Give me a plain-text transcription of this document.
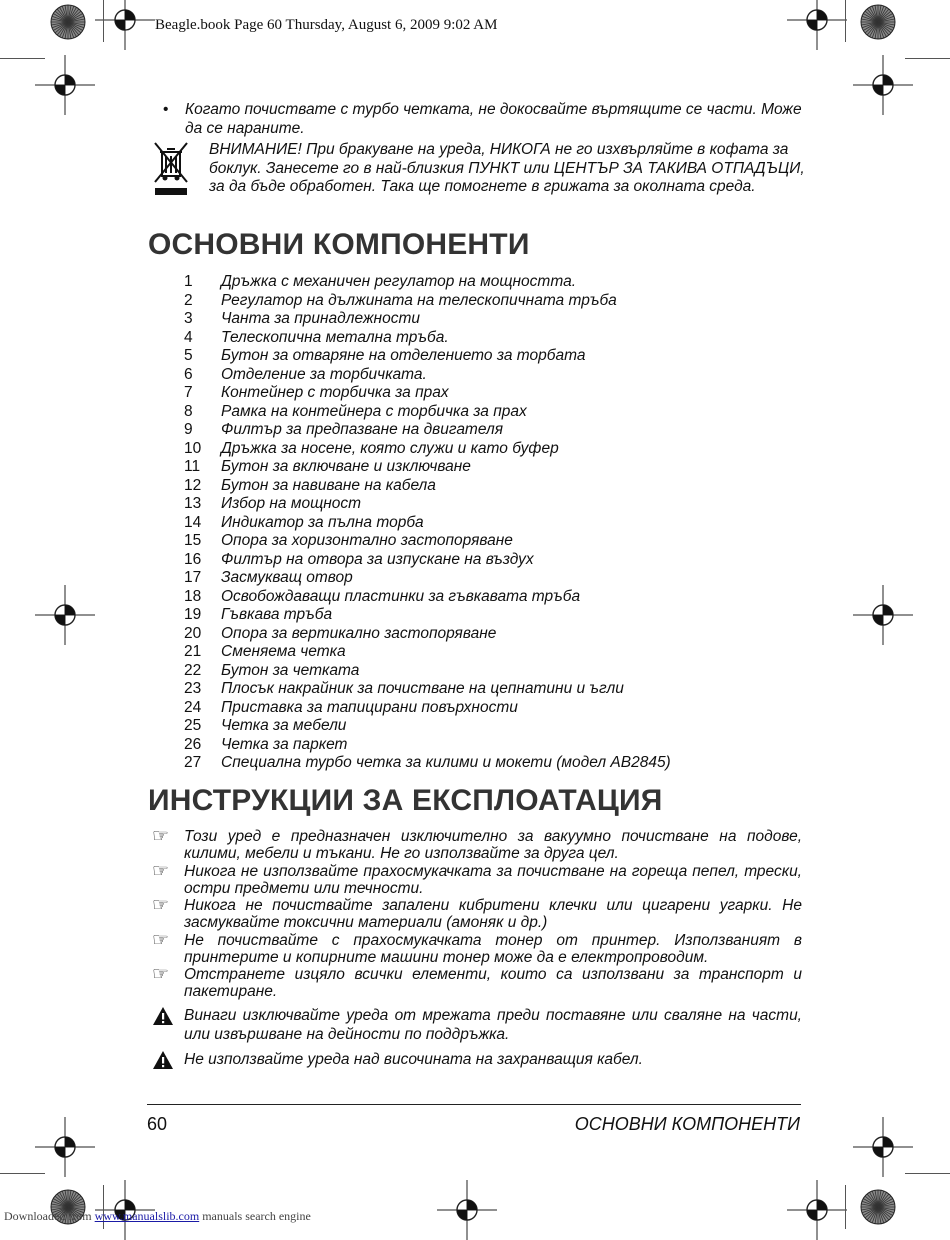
Beagle.book Page 60 Thursday, August 6, 2009 9:02 AM
• Когато почиствате с турбо четката, не докосвайте въртящите се части. Може да се нараните.
ВНИМАНИЕ! При бракуване на уреда, НИКОГА не го изхвърляйте в кофата за боклук. Занесете го в най-близкия ПУНКТ или ЦЕНТЪР ЗА ТАКИВА ОТПАДЪЦИ, за да бъде обработен. Така ще помогнете в грижата за околната среда.
ОСНОВНИ КОМПОНЕНТИ
1 Дръжка с механичен регулатор на мощността.
2 Регулатор на дължината на телескопичната тръба
3 Чанта за принадлежности
4 Телескопична метална тръба.
5 Бутон за отваряне на отделението за торбата
6 Отделение за торбичката.
7 Контейнер с торбичка за прах
8 Рамка на контейнера с торбичка за прах
9 Филтър за предпазване на двигателя
10 Дръжка за носене, която служи и като буфер
11 Бутон за включване и изключване
12 Бутон за навиване на кабела
13 Избор на мощност
14 Индикатор за пълна торба
15 Опора за хоризонтално застопоряване
16 Филтър на отвора за изпускане на въздух
17 Засмукващ отвор
18 Освобождаващи пластинки за гъвкавата тръба
19 Гъвкава тръба
20 Опора за вертикално застопоряване
21 Сменяема четка
22 Бутон за четката
23 Плосък накрайник за почистване на цепнатини и ъгли
24 Приставка за тапицирани повърхности
25 Четка за мебели
26 Четка за паркет
27 Специална турбо четка за килими и мокети (модел AB2845)
ИНСТРУКЦИИ ЗА ЕКСПЛОАТАЦИЯ
☞ Този уред е предназначен изключително за вакуумно почистване на подове, килими, мебели и тъкани. Не го използвайте за друга цел.
☞ Никога не използвайте прахосмукачката за почистване на гореща пепел, трески, остри предмети или течности.
☞ Никога не почиствайте запалени кибритени клечки или цигарени угарки. Не засмуквайте токсични материали (амоняк и др.)
☞ Не почиствайте с прахосмукачката тонер от принтер. Използваният в принтерите и копирните машини тонер може да е електропроводим.
☞ Отстранете изцяло всички елементи, които са използвани за транспорт и пакетиране.
Винаги изключвайте уреда от мрежата преди поставяне или сваляне на части, или извършване на дейности по поддръжка.
Не използвайте уреда над височината на захранващия кабел.
60	ОСНОВНИ КОМПОНЕНТИ
Downloaded from www.manualslib.com manuals search engine
